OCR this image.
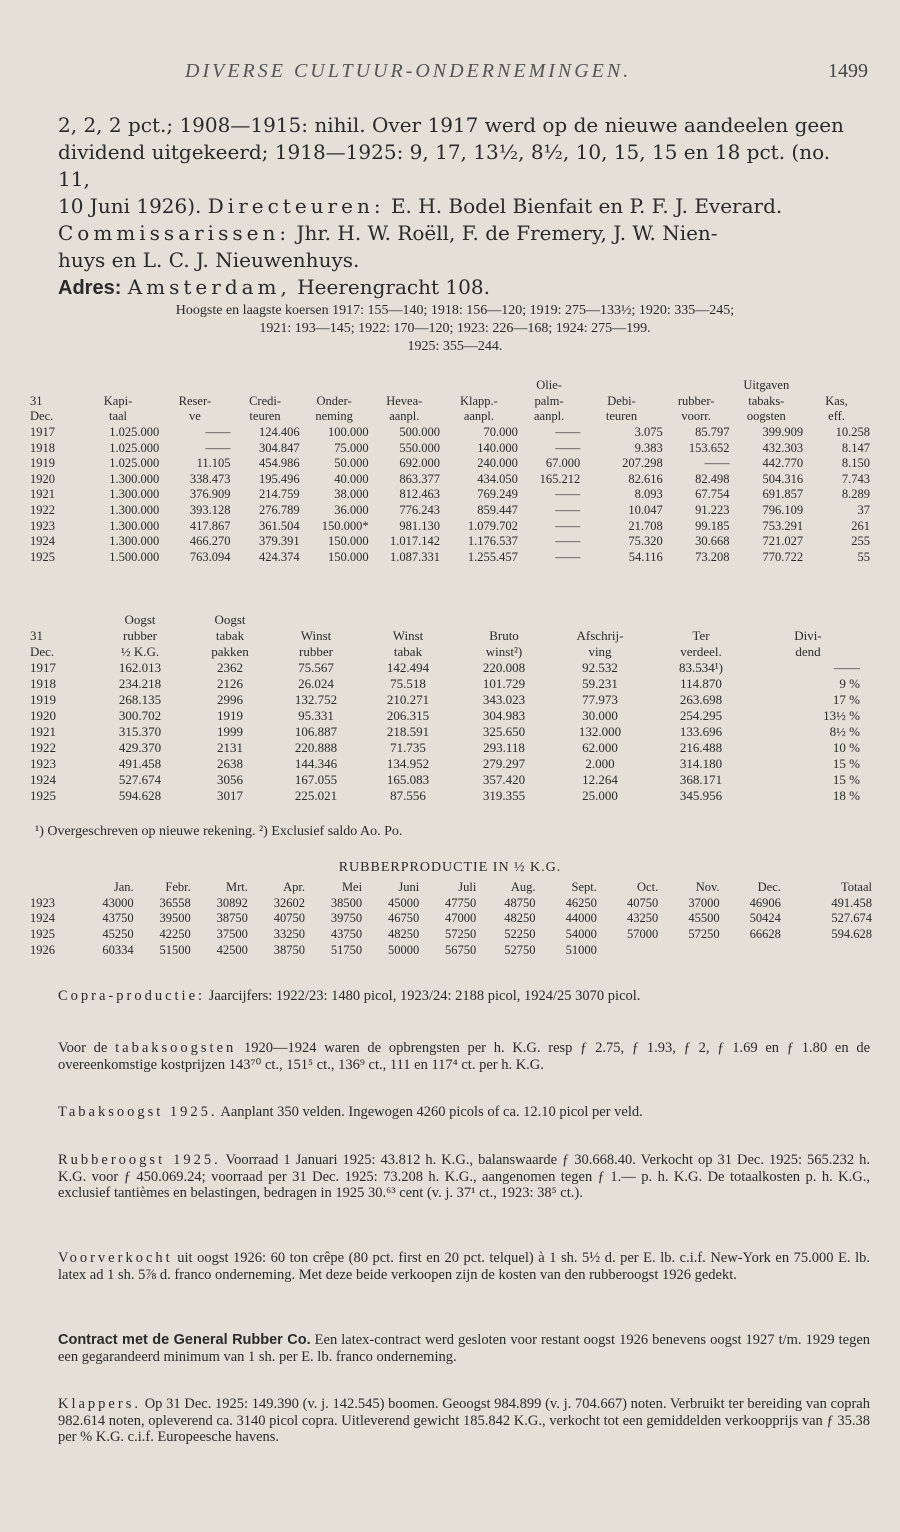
DIVERSE CULTUUR-ONDERNEMINGEN.	1499

2, 2, 2 pct.; 1908—1915: nihil. Over 1917 werd op de nieuwe aandeelen geen

dividend uitgekeerd; 1918—1925: 9, 17, 13½, 8½, 10, 15, 15 en 18 pct. (no. 11,

10 Juni 1926). Directeuren: E. H. Bodel Bienfait en P. F. J. Everard.

Commissarissen: Jhr. H. W. Roëll, F. de Fremery, J. W. Nien-

huys en L. C. J. Nieuwenhuys.

Adres: Amsterdam, Heerengracht 108.

Hoogste en laagste koersen 1917: 155—140; 1918: 156—120; 1919: 275—133½; 1920: 335—245;
1921: 193—145; 1922: 170—120; 1923: 226—168; 1924: 275—199.
1925: 355—244.
							Olie-			Uitgaven	
31	Kapi-	Reser-	Credi-	Onder-	Hevea-	Klapp.-	palm-	Debi-	rubber-	tabaks-	Kas,
Dec.	taal	ve	teuren	neming	aanpl.	aanpl.	aanpl.	teuren	voorr.	oogsten	eff.
1917	1.025.000	——	124.406	100.000	500.000	70.000	——	3.075	85.797	399.909	10.258
1918	1.025.000	——	304.847	75.000	550.000	140.000	——	9.383	153.652	432.303	8.147
1919	1.025.000	11.105	454.986	50.000	692.000	240.000	67.000	207.298	——	442.770	8.150
1920	1.300.000	338.473	195.496	40.000	863.377	434.050	165.212	82.616	82.498	504.316	7.743
1921	1.300.000	376.909	214.759	38.000	812.463	769.249	——	8.093	67.754	691.857	8.289
1922	1.300.000	393.128	276.789	36.000	776.243	859.447	——	10.047	91.223	796.109	37
1923	1.300.000	417.867	361.504	150.000*	981.130	1.079.702	——	21.708	99.185	753.291	261
1924	1.300.000	466.270	379.391	150.000	1.017.142	1.176.537	——	75.320	30.668	721.027	255
1925	1.500.000	763.094	424.374	150.000	1.087.331	1.255.457	——	54.116	73.208	770.722	55
	Oogst	Oogst						
31	rubber	tabak	Winst	Winst	Bruto	Afschrij-	Ter	Divi-
Dec.	½ K.G.	pakken	rubber	tabak	winst²)	ving	verdeel.	dend
1917	162.013	2362	75.567	142.494	220.008	92.532	83.534¹)	——
1918	234.218	2126	26.024	75.518	101.729	59.231	114.870	9 %
1919	268.135	2996	132.752	210.271	343.023	77.973	263.698	17 %
1920	300.702	1919	95.331	206.315	304.983	30.000	254.295	13½ %
1921	315.370	1999	106.887	218.591	325.650	132.000	133.696	8½ %
1922	429.370	2131	220.888	71.735	293.118	62.000	216.488	10 %
1923	491.458	2638	144.346	134.952	279.297	2.000	314.180	15 %
1924	527.674	3056	167.055	165.083	357.420	12.264	368.171	15 %
1925	594.628	3017	225.021	87.556	319.355	25.000	345.956	18 %
¹) Overgeschreven op nieuwe rekening. ²) Exclusief saldo Ao. Po.
RUBBERPRODUCTIE IN ½ K.G.
	Jan.	Febr.	Mrt.	Apr.	Mei	Juni	Juli	Aug.	Sept.	Oct.	Nov.	Dec.	Totaal
1923	43000	36558	30892	32602	38500	45000	47750	48750	46250	40750	37000	46906	491.458
1924	43750	39500	38750	40750	39750	46750	47000	48250	44000	43250	45500	50424	527.674
1925	45250	42250	37500	33250	43750	48250	57250	52250	54000	57000	57250	66628	594.628
1926	60334	51500	42500	38750	51750	50000	56750	52750	51000				

Copra-productie: Jaarcijfers: 1922/23: 1480 picol, 1923/24: 2188 picol, 1924/25 3070 picol.

Voor de tabaksoogsten 1920—1924 waren de opbrengsten per h. K.G. resp ƒ 2.75, ƒ 1.93, ƒ 2, ƒ 1.69 en ƒ 1.80 en de overeenkomstige kostprijzen 143⁷⁰ ct., 151⁵ ct., 136⁹ ct., 111 en 117⁴ ct. per h. K.G.

Tabaksoogst 1925. Aanplant 350 velden. Ingewogen 4260 picols of ca. 12.10 picol per veld.

Rubberoogst 1925. Voorraad 1 Januari 1925: 43.812 h. K.G., balanswaarde ƒ 30.668.40. Verkocht op 31 Dec. 1925: 565.232 h. K.G. voor ƒ 450.069.24; voorraad per 31 Dec. 1925: 73.208 h. K.G., aangenomen tegen ƒ 1.— p. h. K.G. De totaalkosten p. h. K.G., exclusief tantièmes en belastingen, bedragen in 1925 30.⁶³ cent (v. j. 37¹ ct., 1923: 38⁵ ct.).

Voorverkocht uit oogst 1926: 60 ton crêpe (80 pct. first en 20 pct. telquel) à 1 sh. 5½ d. per E. lb. c.i.f. New-York en 75.000 E. lb. latex ad 1 sh. 5⅞ d. franco onderneming. Met deze beide verkoopen zijn de kosten van den rubberoogst 1926 gedekt.

Contract met de General Rubber Co. Een latex-contract werd gesloten voor restant oogst 1926 benevens oogst 1927 t/m. 1929 tegen een gegarandeerd minimum van 1 sh. per E. lb. franco onderneming.

Klappers. Op 31 Dec. 1925: 149.390 (v. j. 142.545) boomen. Geoogst 984.899 (v. j. 704.667) noten. Verbruikt ter bereiding van coprah 982.614 noten, opleverend ca. 3140 picol copra. Uitleverend gewicht 185.842 K.G., verkocht tot een gemiddelden verkoopprijs van ƒ 35.38 per % K.G. c.i.f. Europeesche havens.
